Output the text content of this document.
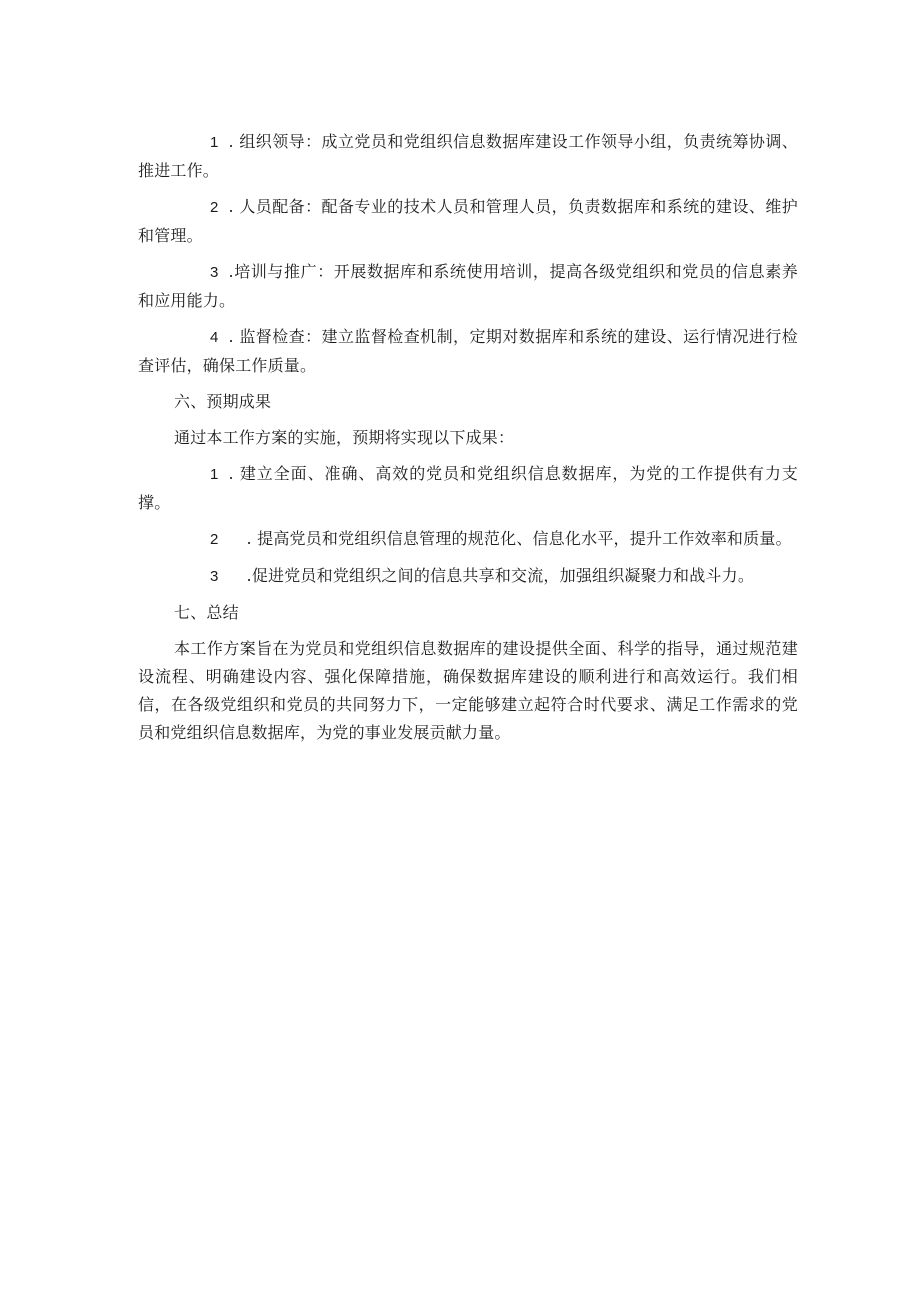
1 . 组织领导：成立党员和党组织信息数据库建设工作领导小组，负责统筹协调、推进工作。

2 . 人员配备：配备专业的技术人员和管理人员，负责数据库和系统的建设、维护和管理。

3 .培训与推广：开展数据库和系统使用培训，提高各级党组织和党员的信息素养和应用能力。

4 . 监督检查：建立监督检查机制，定期对数据库和系统的建设、运行情况进行检查评估，确保工作质量。

六、预期成果

通过本工作方案的实施，预期将实现以下成果：

1 . 建立全面、准确、高效的党员和党组织信息数据库，为党的工作提供有力支撑。

2 . 提高党员和党组织信息管理的规范化、信息化水平，提升工作效率和质量。

3 .促进党员和党组织之间的信息共享和交流，加强组织凝聚力和战斗力。

七、总结

本工作方案旨在为党员和党组织信息数据库的建设提供全面、科学的指导，通过规范建设流程、明确建设内容、强化保障措施，确保数据库建设的顺利进行和高效运行。我们相信，在各级党组织和党员的共同努力下，一定能够建立起符合时代要求、满足工作需求的党员和党组织信息数据库，为党的事业发展贡献力量。
